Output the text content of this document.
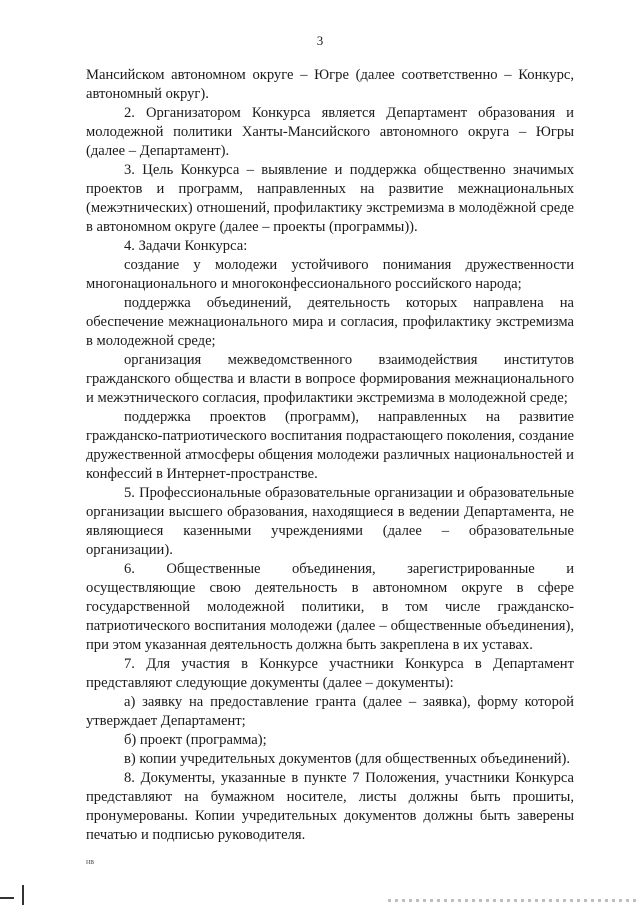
3

Мансийском автономном округе – Югре (далее соответственно – Конкурс, автономный округ).

2. Организатором Конкурса является Департамент образования и молодежной политики Ханты-Мансийского автономного округа – Югры (далее – Департамент).

3. Цель Конкурса – выявление и поддержка общественно значимых проектов и программ, направленных на развитие межнациональных (межэтнических) отношений, профилактику экстремизма в молодёжной среде в автономном округе (далее – проекты (программы)).

4. Задачи Конкурса:

создание у молодежи устойчивого понимания дружественности многонационального и многоконфессионального российского народа;

поддержка объединений, деятельность которых направлена на обеспечение межнационального мира и согласия, профилактику экстремизма в молодежной среде;

организация межведомственного взаимодействия институтов гражданского общества и власти в вопросе формирования межнационального и межэтнического согласия, профилактики экстремизма в молодежной среде;

поддержка проектов (программ), направленных на развитие гражданско-патриотического воспитания подрастающего поколения, создание дружественной атмосферы общения молодежи различных национальностей и конфессий в Интернет-пространстве.

5. Профессиональные образовательные организации и образовательные организации высшего образования, находящиеся в ведении Департамента, не являющиеся казенными учреждениями (далее – образовательные организации).

6. Общественные объединения, зарегистрированные и осуществляющие свою деятельность в автономном округе в сфере государственной молодежной политики, в том числе гражданско-патриотического воспитания молодежи (далее – общественные объединения), при этом указанная деятельность должна быть закреплена в их уставах.

7. Для участия в Конкурсе участники Конкурса в Департамент представляют следующие документы (далее – документы):

а) заявку на предоставление гранта (далее – заявка), форму которой утверждает Департамент;

б) проект (программа);

в) копии учредительных документов (для общественных объединений).

8. Документы, указанные в пункте 7 Положения, участники Конкурса представляют на бумажном носителе, листы должны быть прошиты, пронумерованы. Копии учредительных документов должны быть заверены печатью и подписью руководителя.

нв
